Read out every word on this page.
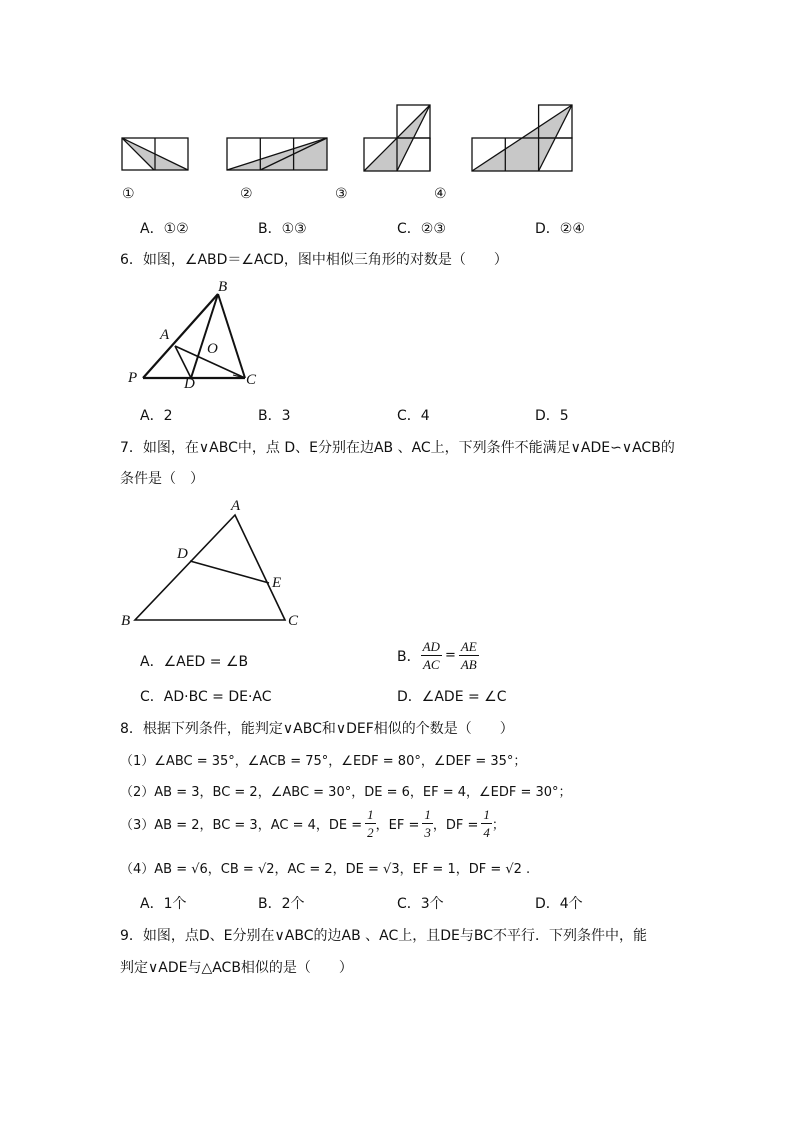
①	②	③	④
A．①②	B．①③	C．②③	D．②④
6．如图，∠ABD＝∠ACD，图中相似三角形的对数是（　　）
B
A
O
P	D	C
A．2	B．3	C．4	D．5
7．如图，在∨ABC中，点 D、E分别在边AB 、AC上，下列条件不能满足∨ADE∽∨ACB的
条件是（　）
A
D
E
B	C
A．∠AED = ∠B	B． $\frac{AD}{AC} = \frac{AE}{AB}$
C．AD·BC = DE·AC	D．∠ADE = ∠C
8．根据下列条件，能判定∨ABC和∨DEF相似的个数是（　　）
（1）∠ABC = 35°，∠ACB = 75°，∠EDF = 80°，∠DEF = 35°；
（2）AB = 3，BC = 2，∠ABC = 30°，DE = 6，EF = 4，∠EDF = 30°；
（3）AB = 2，BC = 3，AC = 4，DE = $\frac{1}{2}$ ，EF = $\frac{1}{3}$ ，DF = $\frac{1}{4}$ ；
（4）AB = √6，CB = √2，AC = 2，DE = √3，EF = 1，DF = √2 .
A．1个	B．2个	C．3个	D．4个
9．如图，点D、E分别在∨ABC的边AB 、AC上，且DE与BC不平行．下列条件中，能
判定∨ADE与△ACB相似的是（　　）
